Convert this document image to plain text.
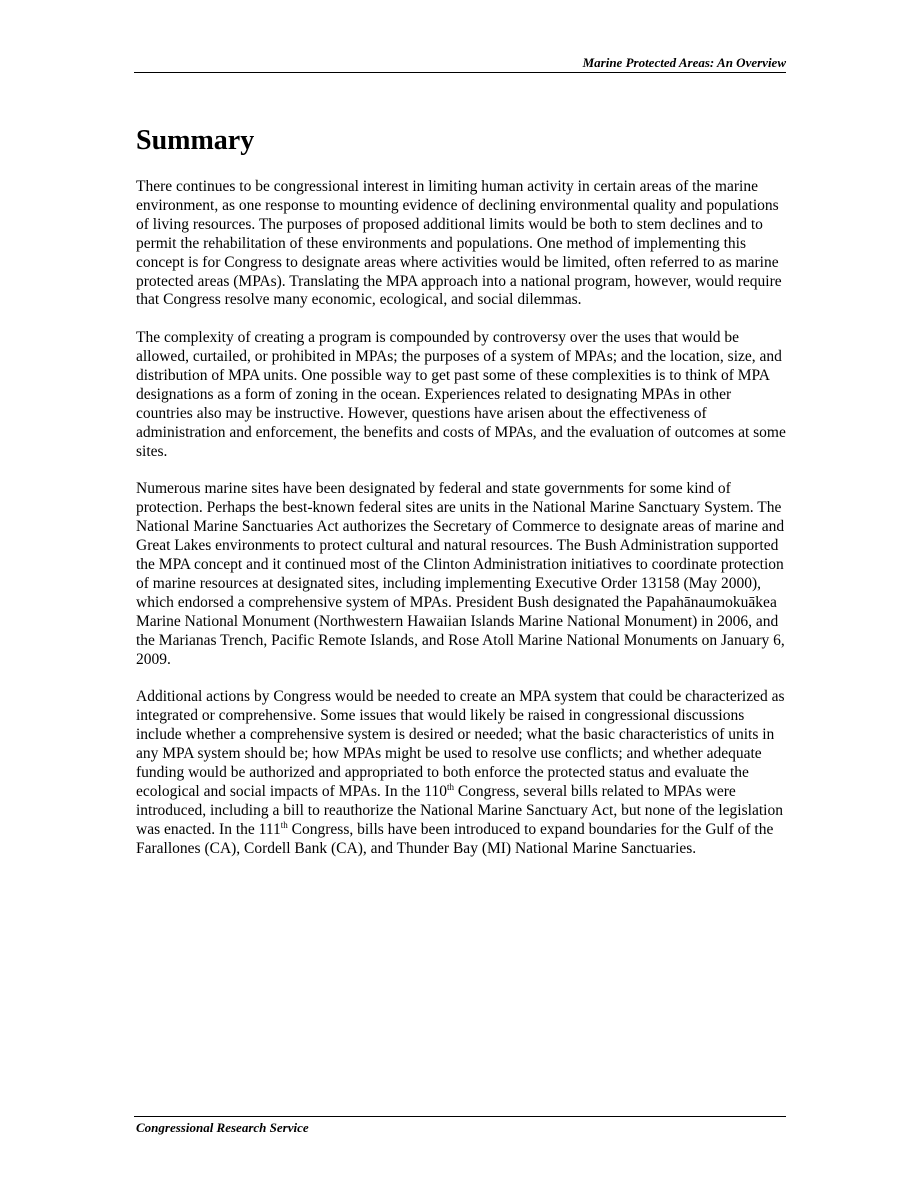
Marine Protected Areas: An Overview
Summary

There continues to be congressional interest in limiting human activity in certain areas of the marine environment, as one response to mounting evidence of declining environmental quality and populations of living resources. The purposes of proposed additional limits would be both to stem declines and to permit the rehabilitation of these environments and populations. One method of implementing this concept is for Congress to designate areas where activities would be limited, often referred to as marine protected areas (MPAs). Translating the MPA approach into a national program, however, would require that Congress resolve many economic, ecological, and social dilemmas.

The complexity of creating a program is compounded by controversy over the uses that would be allowed, curtailed, or prohibited in MPAs; the purposes of a system of MPAs; and the location, size, and distribution of MPA units. One possible way to get past some of these complexities is to think of MPA designations as a form of zoning in the ocean. Experiences related to designating MPAs in other countries also may be instructive. However, questions have arisen about the effectiveness of administration and enforcement, the benefits and costs of MPAs, and the evaluation of outcomes at some sites.

Numerous marine sites have been designated by federal and state governments for some kind of protection. Perhaps the best-known federal sites are units in the National Marine Sanctuary System. The National Marine Sanctuaries Act authorizes the Secretary of Commerce to designate areas of marine and Great Lakes environments to protect cultural and natural resources. The Bush Administration supported the MPA concept and it continued most of the Clinton Administration initiatives to coordinate protection of marine resources at designated sites, including implementing Executive Order 13158 (May 2000), which endorsed a comprehensive system of MPAs. President Bush designated the Papahānaumokuākea Marine National Monument (Northwestern Hawaiian Islands Marine National Monument) in 2006, and the Marianas Trench, Pacific Remote Islands, and Rose Atoll Marine National Monuments on January 6, 2009.

Additional actions by Congress would be needed to create an MPA system that could be characterized as integrated or comprehensive. Some issues that would likely be raised in congressional discussions include whether a comprehensive system is desired or needed; what the basic characteristics of units in any MPA system should be; how MPAs might be used to resolve use conflicts; and whether adequate funding would be authorized and appropriated to both enforce the protected status and evaluate the ecological and social impacts of MPAs. In the 110th Congress, several bills related to MPAs were introduced, including a bill to reauthorize the National Marine Sanctuary Act, but none of the legislation was enacted. In the 111th Congress, bills have been introduced to expand boundaries for the Gulf of the Farallones (CA), Cordell Bank (CA), and Thunder Bay (MI) National Marine Sanctuaries.

Congressional Research Service
